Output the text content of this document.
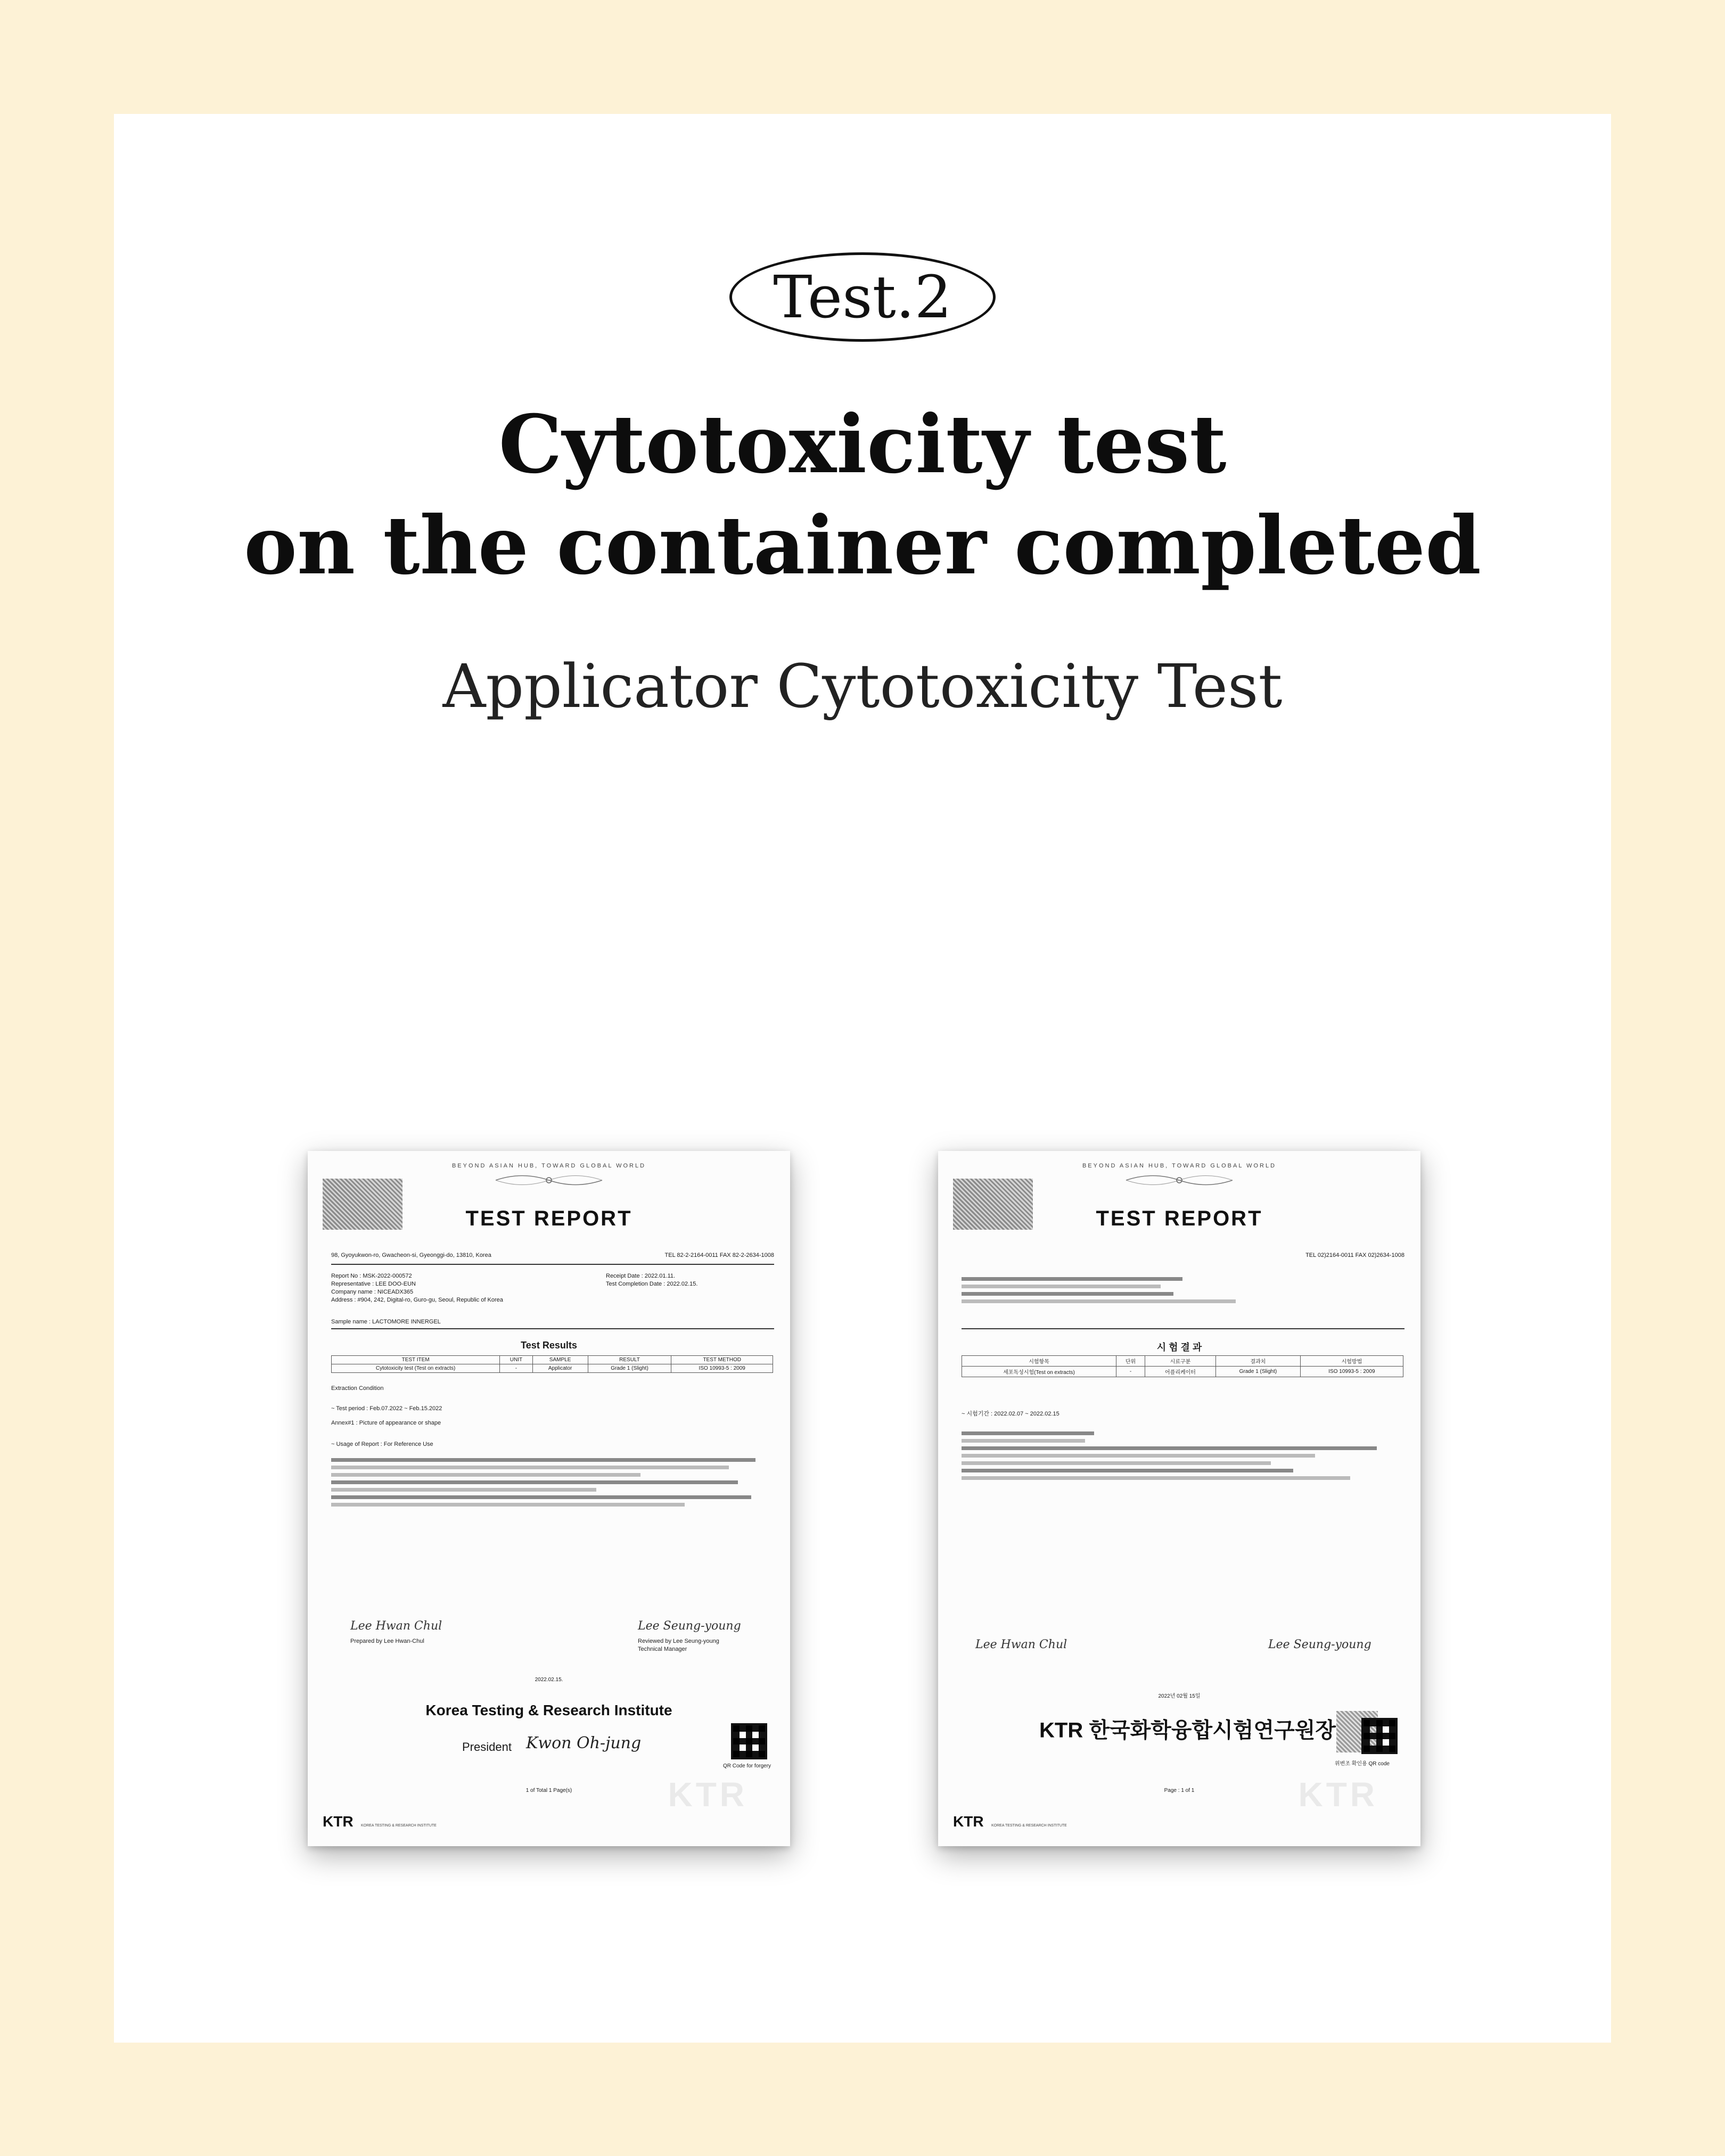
Test.2
Cytotoxicity test
on the container completed
Applicator Cytotoxicity Test
BEYOND ASIAN HUB, TOWARD GLOBAL WORLD
TEST REPORT
98, Gyoyukwon-ro, Gwacheon-si, Gyeonggi-do, 13810, Korea	TEL 82-2-2164-0011 FAX 82-2-2634-1008
Report No : MSK-2022-000572
Representative : LEE DOO-EUN
Company name : NICEADX365
Address : #904, 242, Digital-ro, Guro-gu, Seoul, Republic of Korea
Receipt Date : 2022.01.11.
Test Completion Date : 2022.02.15.
Sample name : LACTOMORE INNERGEL
Test Results
TEST ITEM	UNIT	SAMPLE	RESULT	TEST METHOD
Cytotoxicity test (Test on extracts)	-	Applicator	Grade 1 (Slight)	ISO 10993-5 : 2009
Extraction Condition
~ Test period : Feb.07.2022 ~ Feb.15.2022
Annex#1 : Picture of appearance or shape
~ Usage of Report : For Reference Use
Lee Hwan Chul
Prepared by Lee Hwan-Chul
Lee Seung-young
Reviewed by Lee Seung-young
Technical Manager
2022.02.15.
Korea Testing & Research Institute
President Kwon Oh-jung
QR Code for forgery
1 of Total 1 Page(s)	KTR
KTR KOREA TESTING & RESEARCH INSTITUTE
BEYOND ASIAN HUB, TOWARD GLOBAL WORLD
TEST REPORT
TEL 02)2164-0011 FAX 02)2634-1008
시 험 결 과
시험항목	단위	시료구분	결과치	시험방법
세포독성시험(Test on extracts)	-	어플리케이터	Grade 1 (Slight)	ISO 10993-5 : 2009
~ 시험기간 : 2022.02.07 ~ 2022.02.15
Lee Hwan Chul	Lee Seung-young
2022년 02월 15일
KTR 한국화학융합시험연구원장
위변조 확인용 QR code
Page : 1 of 1	KTR
KTR KOREA TESTING & RESEARCH INSTITUTE
